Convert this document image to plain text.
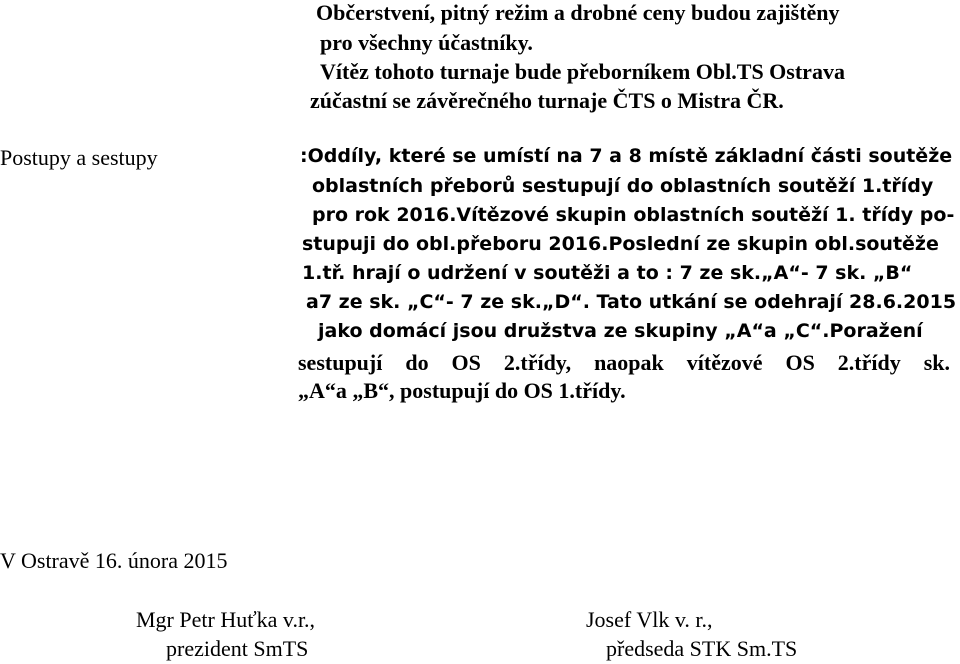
Občerstvení, pitný režim a drobné ceny budou zajištěny
pro všechny účastníky.
Vítěz tohoto turnaje bude přeborníkem Obl.TS Ostrava
zúčastní se závěrečného turnaje ČTS o Mistra ČR.
Postupy a sestupy	:Oddíly, které se umístí na 7 a 8 místě základní části soutěže
oblastních přeborů sestupují do oblastních soutěží 1.třídy
pro rok 2016.Vítězové skupin oblastních soutěží 1. třídy po-
stupuji do obl.přeboru 2016.Poslední ze skupin obl.soutěže
1.tř. hrají o udržení v soutěži a to : 7 ze sk.„A“- 7 sk. „B“
a7 ze sk. „C“- 7 ze sk.„D“. Tato utkání se odehrají 28.6.2015
jako domácí jsou družstva ze skupiny „A“a „C“.Poražení
sestupují do OS 2.třídy, naopak vítězové OS 2.třídy sk.
„A“a „B“, postupují do OS 1.třídy.
V Ostravě 16. února 2015
Mgr Petr Huťka v.r.,
prezident SmTS
Josef Vlk v. r.,
předseda STK Sm.TS
